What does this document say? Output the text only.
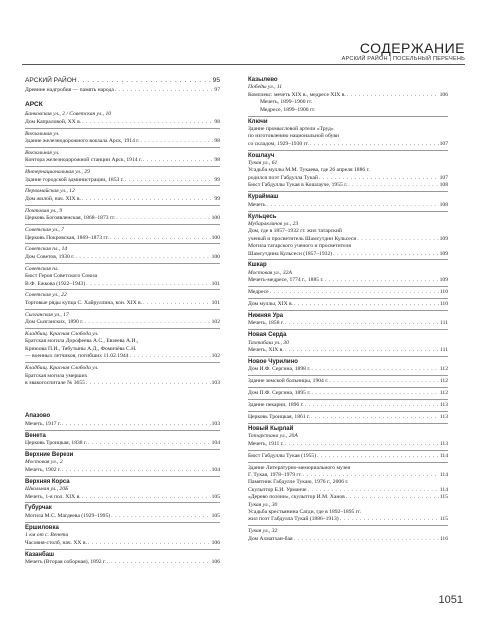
СОДЕРЖАНИЕ
АРСКИЙ РАЙОН | ПОСЕЛЬНЫЙ ПЕРЕЧЕНЬ
АРСКИЙ РАЙОН . . .	95
Древние надгробия — память народа . . .	97
АРСК
Банковская ул., 2 / Советская ул., 10
Дом Капраловой, XX в. . . .	98
Вокзальная ул.
Здание железнодорожного вокзала Арск, 1914 г. . . .	98
Вокзальная ул.
Контора железнодорожной станции Арск, 1914 г. . . .	98
Интернациональная ул., 29
Здание городской администрации, 1853 г. . . .	99
Первомайская ул., 12
Дом жилой, нач. XIX в. . . .	99
Почтовая ул., 9
Церковь Богоявленская, 1868–1873 гг. . . .	100
Советская ул., 7
Церковь Покровская, 1869–1873 гг. . . .	100
Советская пл., 14
Дом Советов, 1930 г. . . .	100
Советская пл.
Бюст Героя Советского Союза
В.Ф. Ежкова (1922–1943) . . .	101
Советская ул., 22
Торговые ряды купца С. Хайруллина, кон. XIX в. . . .	101
Сызганская ул., 17
Дом Сызганских, 1890 г. . . .	102
Кладбищ. Красная Слобода ул.
Братская могила Дорофеева А.С., Евзеева А.И.,
Криюова П.И., Тябутыны А.Д., Фомичёва С.Н.
— военных летчиков, погибших 11.02.1944 . . .	102
Кладбищ. Красная Слобода ул.
Братская могила умерших
в эвакогоспитале № 3655 . . .	103
Апазово
Мечеть, 1917 г. . . .	103
Венета
Церковь Троицкая, 1838 г. . . .	104
Верхние Верези
Мостовая ул., 2
Мечеть, 1902 г. . . .	104
Верхняя Корса
Школьная ул., 20Б
Мечеть, 1-я пол. XIX в. . . .	105
Губурчак
Могила М.С. Магдеева (1929–1995) . . .	105
Ершиловка
1 км от с. Венета
Часовня-столб, нач. XX в. . . .	106
Казанбаш
Мечеть (Вторая соборная), 1892 г. . . .	106
Казылево
Победы ул., 11
Комплекс: мечеть XIX в., медресе XIX в. . . .	106
Мечеть, 1899–1900 гг.
Медресе, 1899–1900 гг.
Ключи
Здание промысловой артели «Труд»
по изготовлению национальной обуви
со складом, 1929–1930 гг. . . .	107
Кошлауч
Тукая ул., 61
Усадьба муллы М.М. Тукаева, где 26 апреля 1886 г.
родился поэт Габдулла Тукай . . .	107
Бюст Габдуллы Тукая в Кошлауче, 1955 г. . . .	108
Кураймаш
Мечеть . . .	108
Кульцесь
Мубараклинов ул., 23
Дом, где в 1857–1932 гг. жил татарский
ученый и просветитель Шамсутдин Кульсеси . . .	109
Могила татарского ученого и просветителя
Шамсутдина Кульсеси (1857–1932) . . .	109
Кшкар
Мостовая ул., 32А
Мечеть-медресе, 1774 г., 1885 г. . . .	109
Медресе . . .	110
Дом муллы, XIX в. . . .	110
Нижняя Ура
Мечеть, 1858 г. . . .	111
Новая Серда
Тахтабаш ул., 30
Мечеть, XIX в. . . .	111
Новое Чурилино
Дом И.Ф. Сергина, 1898 г. . . .	112
Здание земской больницы, 1904 г. . . .	112
Дом П.Ф. Сергина, 1895 г. . . .	112
Здание пекарни, 1896 г. . . .	113
Церковь Троицкая, 1861 г. . . .	113
Новый Кырлай
Татарстана ул., 20А
Мечеть, 1911 г. . . .	113
Бюст Габдуллы Тукая (1955) . . .	114
Здание Литературно-мемориального музея
Г. Тукая, 1978–1979 гг. . . .	114
Памятник Габдулле Тукаю, 1976 г., 2006 г.
Скульптор Б.И. Урманче . . .	114
«Дерево поэзии», скульптор И.М. Ханов . . .	115
Тукая ул., 30
Усадьба крестьянина Сагди, где в 1892–1895 гг.
жил поэт Габдулла Тукай (1886–1913) . . .	115
Тукая ул., 32
Дом Ахматхан-бая . . .	116
1051
